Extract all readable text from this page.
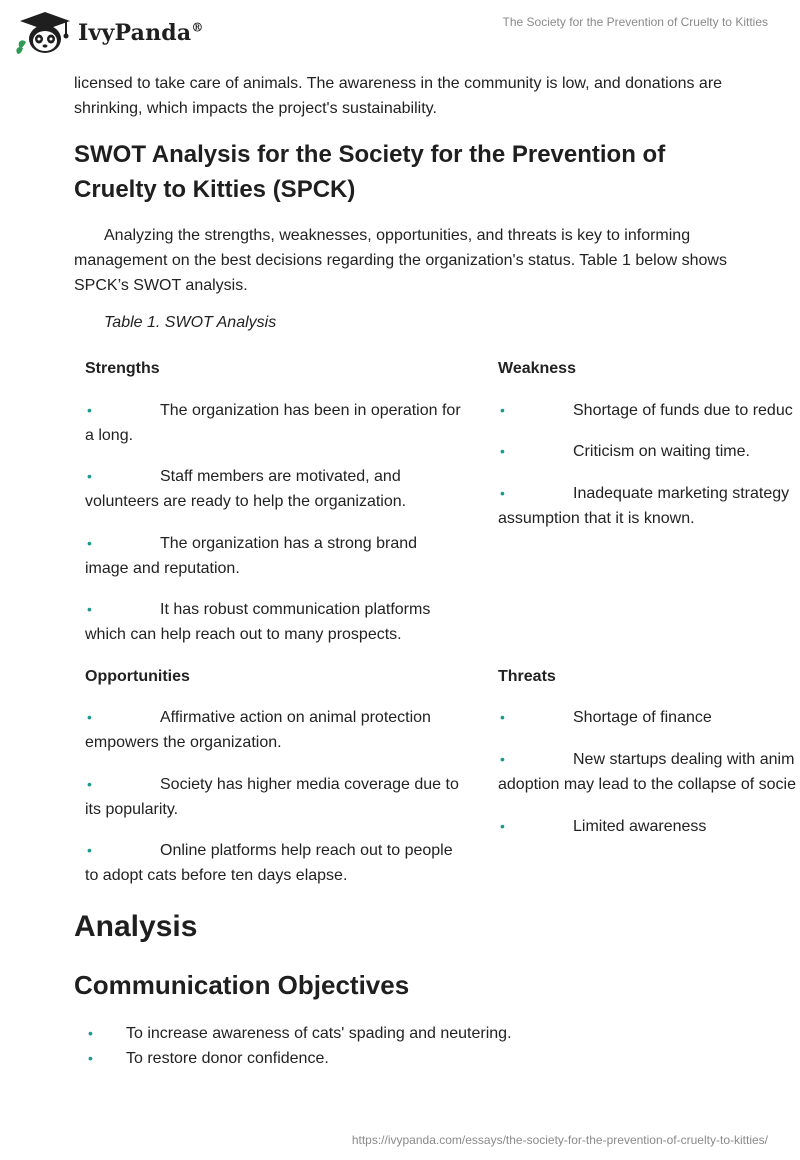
IvyPanda®	The Society for the Prevention of Cruelty to Kitties

licensed to take care of animals. The awareness in the community is low, and donations are shrinking, which impacts the project's sustainability.

SWOT Analysis for the Society for the Prevention of Cruelty to Kitties (SPCK)

Analyzing the strengths, weaknesses, opportunities, and threats is key to informing management on the best decisions regarding the organization's status. Table 1 below shows SPCK’s SWOT analysis.

Table 1. SWOT Analysis

Strengths

•	The organization has been in operation for
a long.
•	Staff members are motivated, and
volunteers are ready to help the organization.
•	The organization has a strong brand
image and reputation.
•	It has robust communication platforms
which can help reach out to many prospects.

Weakness

•	Shortage of funds due to reduc
•	Criticism on waiting time.
•	Inadequate marketing strategy
assumption that it is known.

Opportunities

•	Affirmative action on animal protection
empowers the organization.
•	Society has higher media coverage due to
its popularity.
•	Online platforms help reach out to people
to adopt cats before ten days elapse.

Threats

•	Shortage of finance
•	New startups dealing with anim
adoption may lead to the collapse of socie
•	Limited awareness
Analysis
Communication Objectives
• To increase awareness of cats' spading and neutering.
• To restore donor confidence.
https://ivypanda.com/essays/the-society-for-the-prevention-of-cruelty-to-kitties/
